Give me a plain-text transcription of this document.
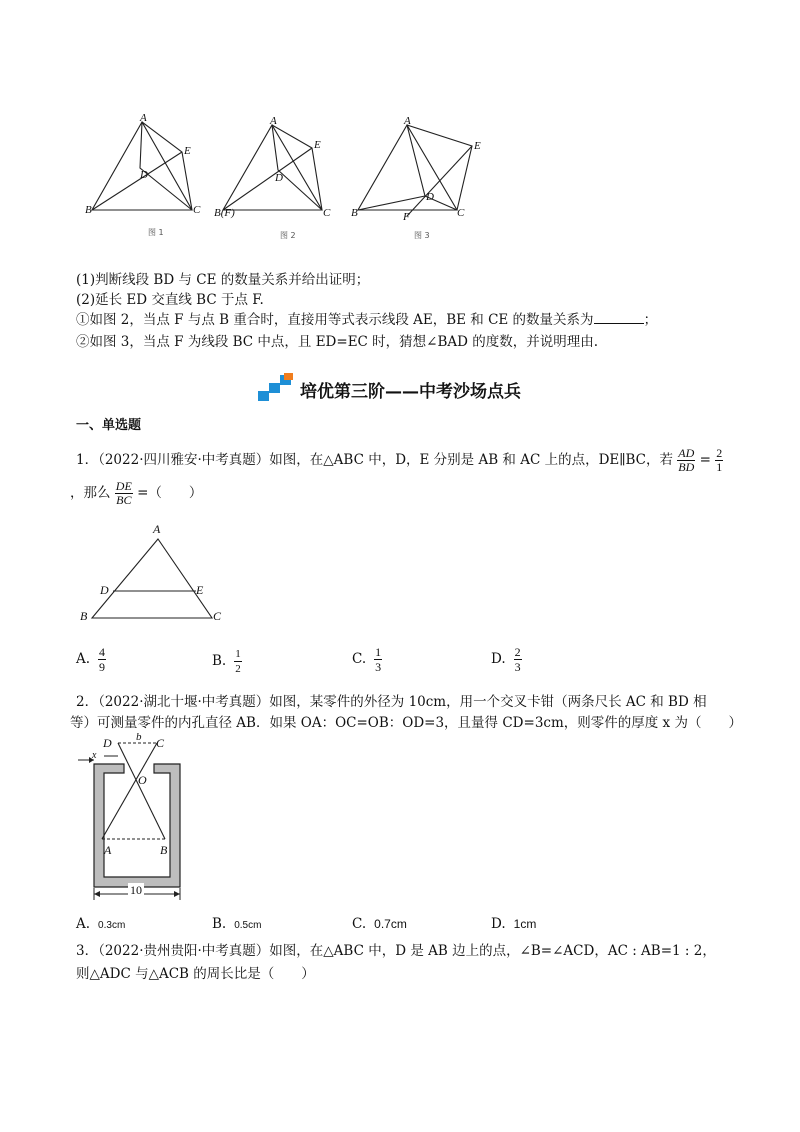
A
B	C
D
E
图 1
A
B(F)	C
D
E
图 2
A
B	C
D
E
F
图 3
(1)判断线段 BD 与 CE 的数量关系并给出证明；
(2)延长 ED 交直线 BC 于点 F.
①如图 2，当点 F 与点 B 重合时，直接用等式表示线段 AE，BE 和 CE 的数量关系为	；
②如图 3，当点 F 为线段 BC 中点，且 ED=EC 时，猜想∠BAD 的度数，并说明理由.
培优第三阶——中考沙场点兵
一、单选题
1．（2022·四川雅安·中考真题）如图，在△ABC 中，D，E 分别是 AB 和 AC 上的点，DE∥BC，若 $\frac{AD}{BD} = \frac{2}{1}$
，那么 $\frac{DE}{BC}$ =（　　）
A
B	C
D	E
A. $\frac{4}{9}$	B. $\frac{1}{2}$	C. $\frac{1}{3}$	D. $\frac{2}{3}$
2．（2022·湖北十堰·中考真题）如图，某零件的外径为 10cm，用一个交叉卡钳（两条尺长 AC 和 BD 相
等）可测量零件的内孔直径 AB．如果 OA：OC=OB：OD=3，且量得 CD=3cm，则零件的厚度 x 为（　　）
D	C
b
x
O
A	B
10
A. 0.3cm	B. 0.5cm	C. 0.7cm	D. 1cm
3．（2022·贵州贵阳·中考真题）如图，在△ABC 中，D 是 AB 边上的点，∠B=∠ACD，AC : AB=1 : 2，
则△ADC 与△ACB 的周长比是（　　）
